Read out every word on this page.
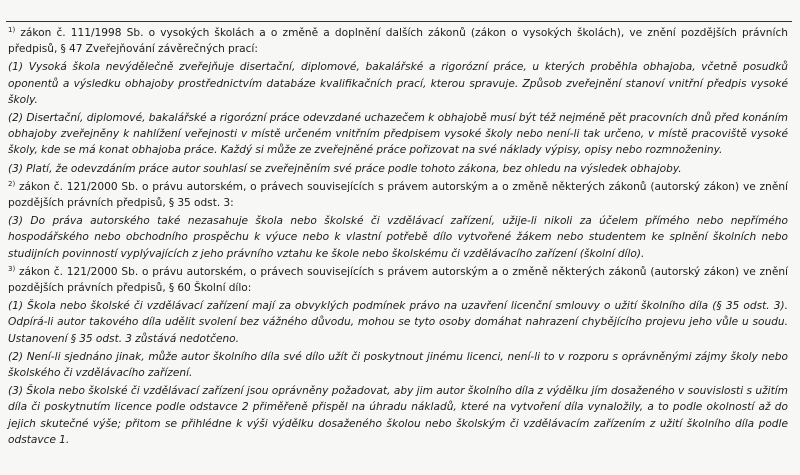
$^{1)}$ zákon č. 111/1998 Sb. o vysokých školách a o změně a doplnění dalších zákonů (zákon o vysokých školách), ve znění pozdějších právních předpisů, § 47 Zveřejňování závěrečných prací:

(1) Vysoká škola nevýdělečně zveřejňuje disertační, diplomové, bakalářské a rigorózní práce, u kterých proběhla obhajoba, včetně posudků oponentů a výsledku obhajoby prostřednictvím databáze kvalifikačních prací, kterou spravuje. Způsob zveřejnění stanoví vnitřní předpis vysoké školy.

(2) Disertační, diplomové, bakalářské a rigorózní práce odevzdané uchazečem k obhajobě musí být též nejméně pět pracovních dnů před konáním obhajoby zveřejněny k nahlížení veřejnosti v místě určeném vnitřním předpisem vysoké školy nebo není-li tak určeno, v místě pracoviště vysoké školy, kde se má konat obhajoba práce. Každý si může ze zveřejněné práce pořizovat na své náklady výpisy, opisy nebo rozmnoženiny.

(3) Platí, že odevzdáním práce autor souhlasí se zveřejněním své práce podle tohoto zákona, bez ohledu na výsledek obhajoby.

$^{2)}$ zákon č. 121/2000 Sb. o právu autorském, o právech souvisejících s právem autorským a o změně některých zákonů (autorský zákon) ve znění pozdějších právních předpisů, § 35 odst. 3:

(3) Do práva autorského také nezasahuje škola nebo školské či vzdělávací zařízení, užije-li nikoli za účelem přímého nebo nepřímého hospodářského nebo obchodního prospěchu k výuce nebo k vlastní potřebě dílo vytvořené žákem nebo studentem ke splnění školních nebo studijních povinností vyplývajících z jeho právního vztahu ke škole nebo školskému či vzdělávacího zařízení (školní dílo).

$^{3)}$ zákon č. 121/2000 Sb. o právu autorském, o právech souvisejících s právem autorským a o změně některých zákonů (autorský zákon) ve znění pozdějších právních předpisů, § 60 Školní dílo:

(1) Škola nebo školské či vzdělávací zařízení mají za obvyklých podmínek právo na uzavření licenční smlouvy o užití školního díla (§ 35 odst. 3). Odpírá-li autor takového díla udělit svolení bez vážného důvodu, mohou se tyto osoby domáhat nahrazení chybějícího projevu jeho vůle u soudu. Ustanovení § 35 odst. 3 zůstává nedotčeno.

(2) Není-li sjednáno jinak, může autor školního díla své dílo užít či poskytnout jinému licenci, není-li to v rozporu s oprávněnými zájmy školy nebo školského či vzdělávacího zařízení.

(3) Škola nebo školské či vzdělávací zařízení jsou oprávněny požadovat, aby jim autor školního díla z výdělku jím dosaženého v souvislosti s užitím díla či poskytnutím licence podle odstavce 2 přiměřeně přispěl na úhradu nákladů, které na vytvoření díla vynaložily, a to podle okolností až do jejich skutečné výše; přitom se přihlédne k výši výdělku dosaženého školou nebo školským či vzdělávacím zařízením z užití školního díla podle odstavce 1.
